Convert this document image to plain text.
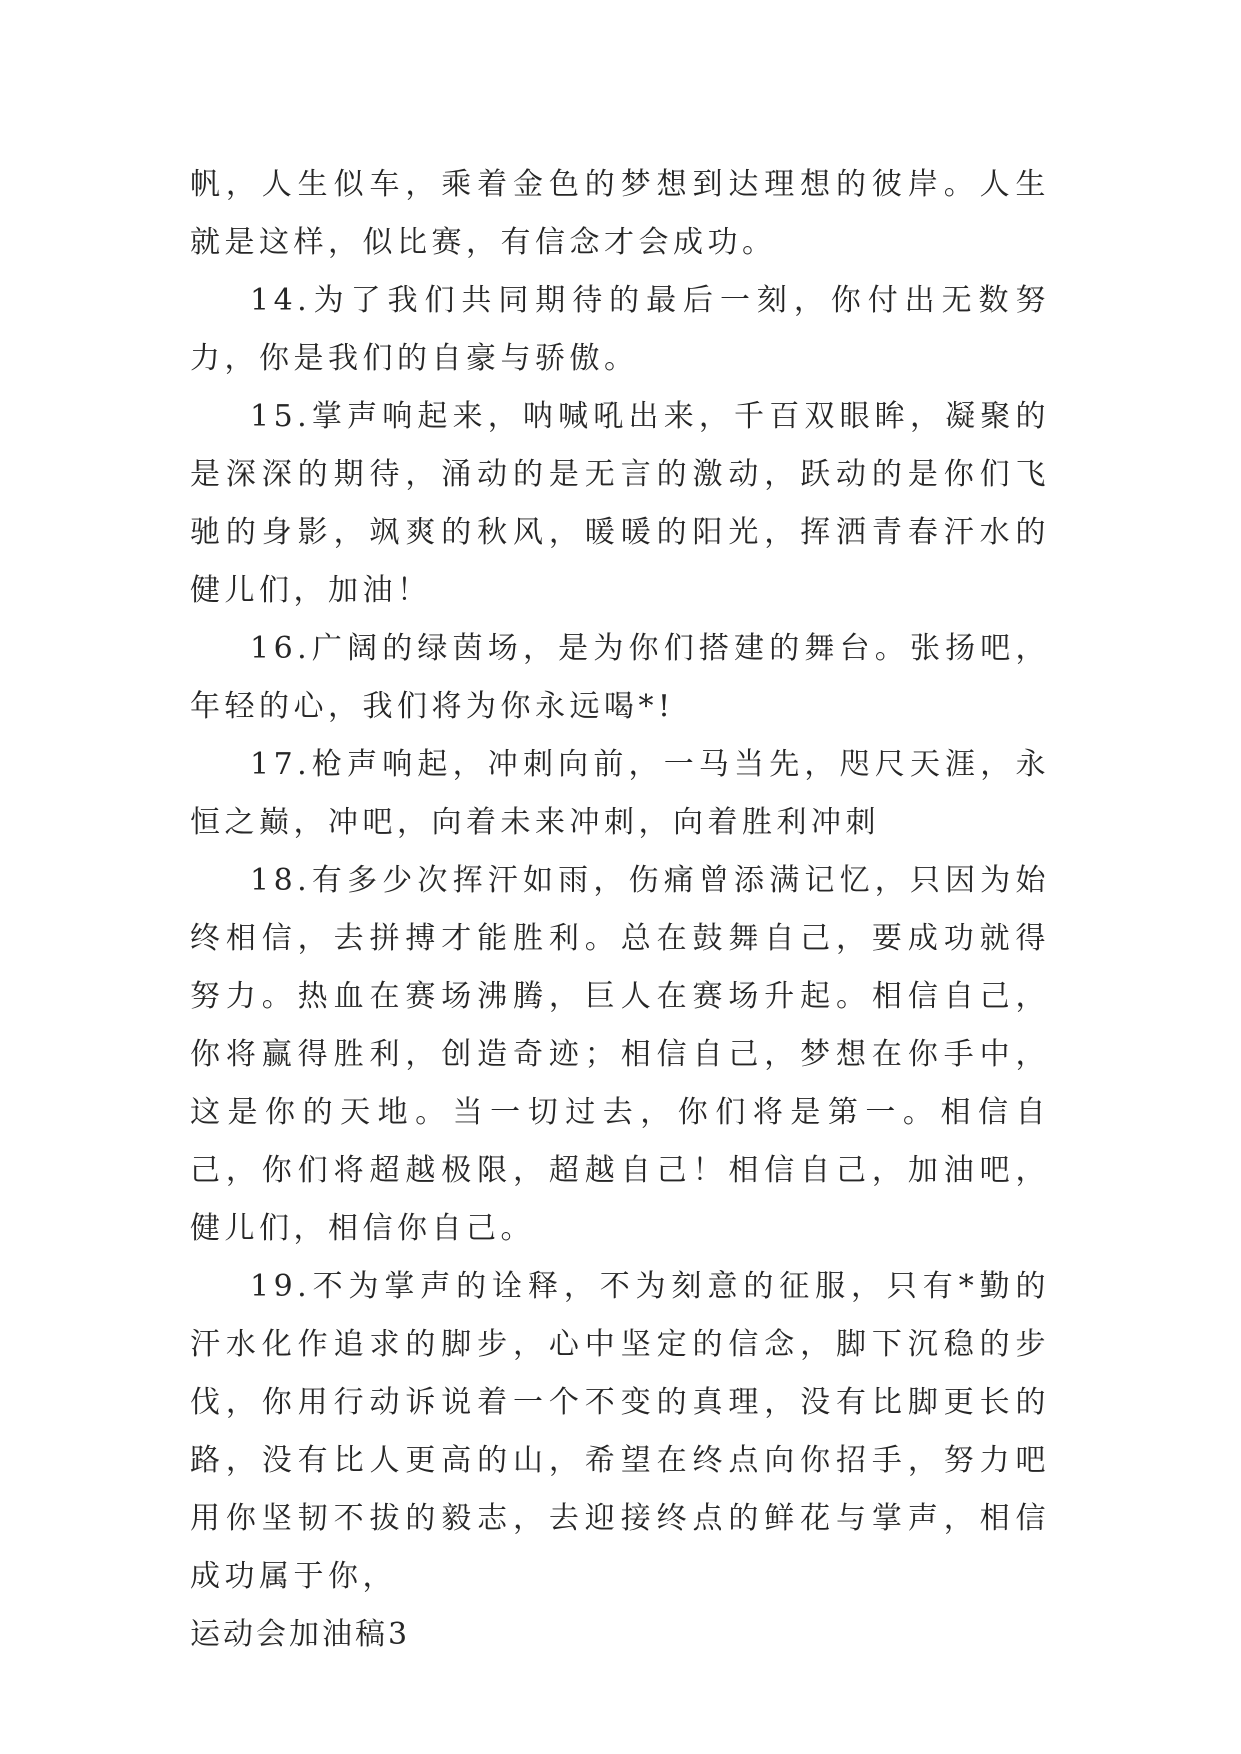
帆，人生似车，乘着金色的梦想到达理想的彼岸。人生就是这样，似比赛，有信念才会成功。

14.为了我们共同期待的最后一刻，你付出无数努力，你是我们的自豪与骄傲。

15.掌声响起来，呐喊吼出来，千百双眼眸，凝聚的是深深的期待，涌动的是无言的激动，跃动的是你们飞驰的身影，飒爽的秋风，暖暖的阳光，挥洒青春汗水的健儿们，加油！

16.广阔的绿茵场，是为你们搭建的舞台。张扬吧，年轻的心，我们将为你永远喝*!

17.枪声响起，冲刺向前，一马当先，咫尺天涯，永恒之巅，冲吧，向着未来冲刺，向着胜利冲刺

18.有多少次挥汗如雨，伤痛曾添满记忆，只因为始终相信，去拼搏才能胜利。总在鼓舞自己，要成功就得努力。热血在赛场沸腾，巨人在赛场升起。相信自己，你将赢得胜利，创造奇迹；相信自己，梦想在你手中，这是你的天地。当一切过去，你们将是第一。相信自己，你们将超越极限，超越自己！相信自己，加油吧，健儿们，相信你自己。

19.不为掌声的诠释，不为刻意的征服，只有*勤的汗水化作追求的脚步，心中坚定的信念，脚下沉稳的步伐，你用行动诉说着一个不变的真理，没有比脚更长的路，没有比人更高的山，希望在终点向你招手，努力吧用你坚韧不拔的毅志，去迎接终点的鲜花与掌声，相信成功属于你，

运动会加油稿3
